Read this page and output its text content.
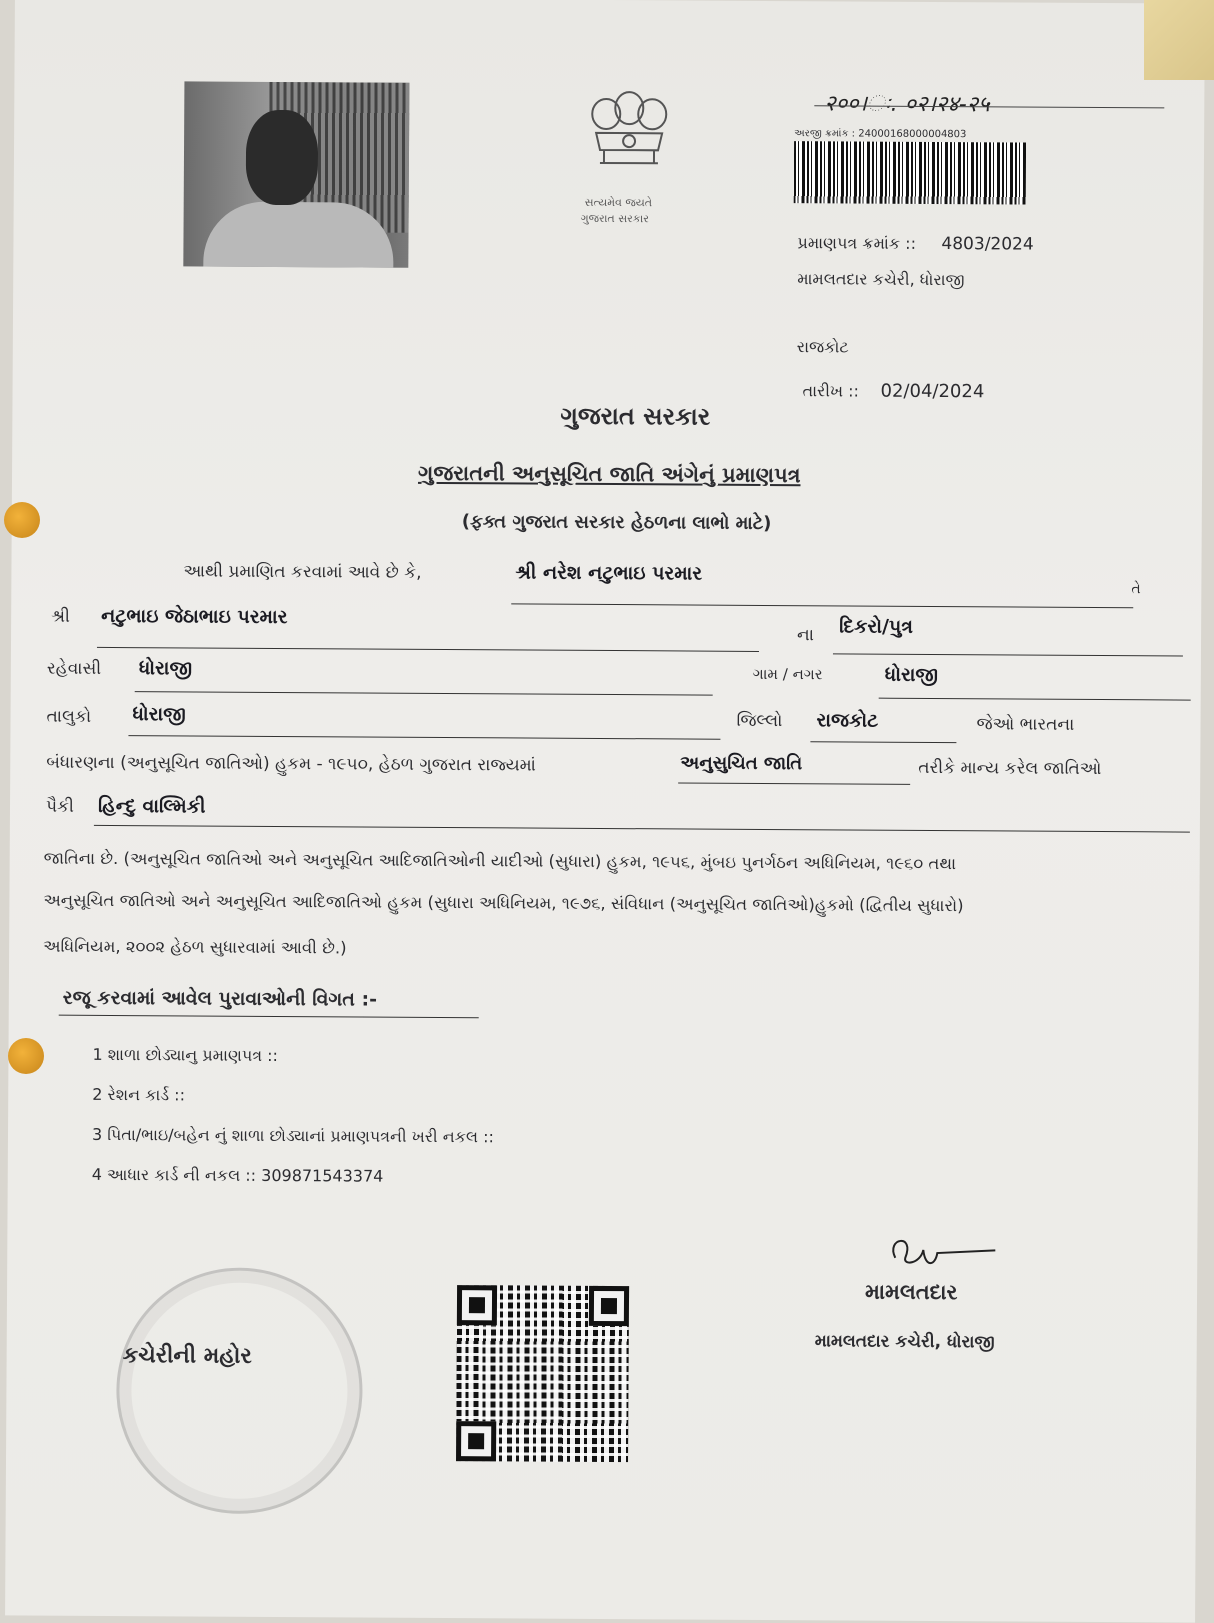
સત્યમેવ જયતે
ગુજરાત સરકાર
२००।ઃ. ०२।२४-२५
અરજી ક્રમાંક : 24000168000004803
પ્રમાણપત્ર ક્રમાંક :: 4803/2024
મામલતદાર કચેરી, ધોરાજી
રાજકોટ
તારીખ :: 02/04/2024
ગુજરાત સરકાર
ગુજરાતની અનુસૂચિત જાતિ અંગેનું પ્રમાણપત્ર
(ફક્ત ગુજરાત સરકાર હેઠળના લાભો માટે)
આથી પ્રમાણિત કરવામાં આવે છે કે,	શ્રી નરેશ નટુભાઇ પરમાર
તે
શ્રી નટુભાઇ જેઠાભાઇ પરમાર
ના દિકરો/પુત્ર
રહેવાસી ધોરાજી	ગામ / નગર	ધોરાજી
તાલુકો ધોરાજી	જિલ્લો રાજકોટ	જેઓ ભારતના
બંધારણના (અનુસૂચિત જાતિઓ) હુકમ - ૧૯૫૦, હેઠળ ગુજરાત રાજ્યમાં	અનુસુચિત જાતિ	તરીકે માન્ય કરેલ જાતિઓ
પૈકી હિન્દુ વાલ્મિકી
જાતિના છે. (અનુસૂચિત જાતિઓ અને અનુસૂચિત આદિજાતિઓની યાદીઓ (સુધારા) હુકમ, ૧૯૫૬, મુંબઇ પુનર્ગઠન અધિનિયમ, ૧૯૬૦ તથા
અનુસૂચિત જાતિઓ અને અનુસૂચિત આદિજાતિઓ હુકમ (સુધારા અધિનિયમ, ૧૯૭૬, સંવિધાન (અનુસૂચિત જાતિઓ)હુકમો (દ્વિતીય સુધારો)
અધિનિયમ, ૨૦૦૨ હેઠળ સુધારવામાં આવી છે.)
રજૂ કરવામાં આવેલ પુરાવાઓની વિગત :-
1 શાળા છોડ્યાનુ પ્રમાણપત્ર ::
2 રેશન કાર્ડ ::
3 પિતા/ભાઇ/બહેન નું શાળા છોડ્યાનાં પ્રમાણપત્રની ખરી નકલ ::
4 આધાર કાર્ડ ની નકલ :: 309871543374
કચેરીની મહોર
મામલતદાર
મામલતદાર કચેરી, ધોરાજી
